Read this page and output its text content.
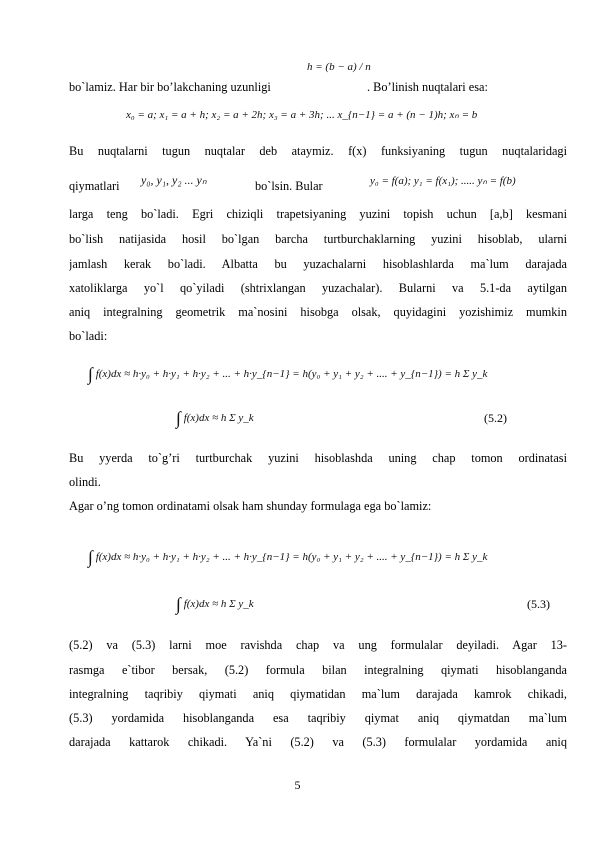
bo`lamiz. Har bir bo’lakchaning uzunligi	. Bo’linish nuqtalari esa:
h = (b − a) / n
x₀ = a; x₁ = a + h; x₂ = a + 2h; x₃ = a + 3h; ... x_{n−1} = a + (n − 1)h; xₙ = b
Bu nuqtalarni tugun nuqtalar deb ataymiz. f(x) funksiyaning tugun nuqtalaridagi
qiymatlari	y₀, y₁, y₂ ... yₙ	bo`lsin. Bular	y₀ = f(a); y₁ = f(x₁); ..... yₙ = f(b)
larga teng bo`ladi. Egri chiziqli trapetsiyaning yuzini topish uchun [a,b] kesmani
bo`lish natijasida hosil bo`lgan barcha turtburchaklarning yuzini hisoblab, ularni
jamlash kerak bo`ladi. Albatta bu yuzachalarni hisoblashlarda ma`lum darajada
xatoliklarga yo`l qo`yiladi (shtrixlangan yuzachalar). Bularni va 5.1-da aytilgan
aniq integralning geometrik ma`nosini hisobga olsak, quyidagini yozishimiz mumkin
bo`ladi:
∫ f(x)dx ≈ h·y₀ + h·y₁ + h·y₂ + ... + h·y_{n−1} = h(y₀ + y₁ + y₂ + .... + y_{n−1}) = h Σ y_k
∫ f(x)dx ≈ h Σ y_k	(5.2)
Bu yyerda to`g’ri turtburchak yuzini hisoblashda uning chap tomon ordinatasi
olindi.
Agar o’ng tomon ordinatami olsak ham shunday formulaga ega bo`lamiz:
∫ f(x)dx ≈ h·y₀ + h·y₁ + h·y₂ + ... + h·y_{n−1} = h(y₀ + y₁ + y₂ + .... + y_{n−1}) = h Σ y_k
∫ f(x)dx ≈ h Σ y_k	(5.3)
(5.2) va (5.3) larni moe ravishda chap va ung formulalar deyiladi. Agar 13-
rasmga e`tibor bersak, (5.2) formula bilan integralning qiymati hisoblanganda
integralning taqribiy qiymati aniq qiymatidan ma`lum darajada kamrok chikadi,
(5.3) yordamida hisoblanganda esa taqribiy qiymat aniq qiymatdan ma`lum
darajada kattarok chikadi. Ya`ni (5.2) va (5.3) formulalar yordamida aniq
5
